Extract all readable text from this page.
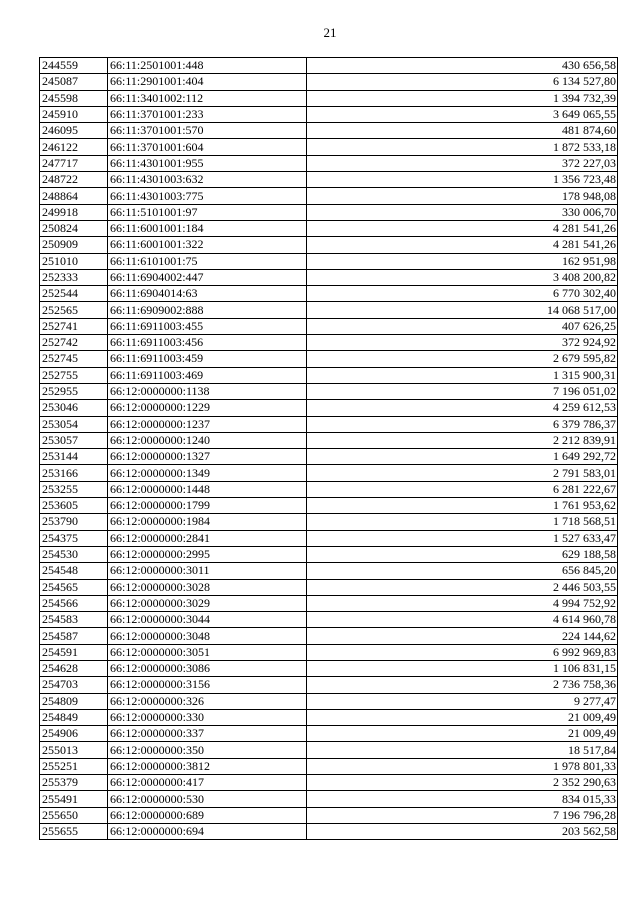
21
244559	66:11:2501001:448	430 656,58
245087	66:11:2901001:404	6 134 527,80
245598	66:11:3401002:112	1 394 732,39
245910	66:11:3701001:233	3 649 065,55
246095	66:11:3701001:570	481 874,60
246122	66:11:3701001:604	1 872 533,18
247717	66:11:4301001:955	372 227,03
248722	66:11:4301003:632	1 356 723,48
248864	66:11:4301003:775	178 948,08
249918	66:11:5101001:97	330 006,70
250824	66:11:6001001:184	4 281 541,26
250909	66:11:6001001:322	4 281 541,26
251010	66:11:6101001:75	162 951,98
252333	66:11:6904002:447	3 408 200,82
252544	66:11:6904014:63	6 770 302,40
252565	66:11:6909002:888	14 068 517,00
252741	66:11:6911003:455	407 626,25
252742	66:11:6911003:456	372 924,92
252745	66:11:6911003:459	2 679 595,82
252755	66:11:6911003:469	1 315 900,31
252955	66:12:0000000:1138	7 196 051,02
253046	66:12:0000000:1229	4 259 612,53
253054	66:12:0000000:1237	6 379 786,37
253057	66:12:0000000:1240	2 212 839,91
253144	66:12:0000000:1327	1 649 292,72
253166	66:12:0000000:1349	2 791 583,01
253255	66:12:0000000:1448	6 281 222,67
253605	66:12:0000000:1799	1 761 953,62
253790	66:12:0000000:1984	1 718 568,51
254375	66:12:0000000:2841	1 527 633,47
254530	66:12:0000000:2995	629 188,58
254548	66:12:0000000:3011	656 845,20
254565	66:12:0000000:3028	2 446 503,55
254566	66:12:0000000:3029	4 994 752,92
254583	66:12:0000000:3044	4 614 960,78
254587	66:12:0000000:3048	224 144,62
254591	66:12:0000000:3051	6 992 969,83
254628	66:12:0000000:3086	1 106 831,15
254703	66:12:0000000:3156	2 736 758,36
254809	66:12:0000000:326	9 277,47
254849	66:12:0000000:330	21 009,49
254906	66:12:0000000:337	21 009,49
255013	66:12:0000000:350	18 517,84
255251	66:12:0000000:3812	1 978 801,33
255379	66:12:0000000:417	2 352 290,63
255491	66:12:0000000:530	834 015,33
255650	66:12:0000000:689	7 196 796,28
255655	66:12:0000000:694	203 562,58
